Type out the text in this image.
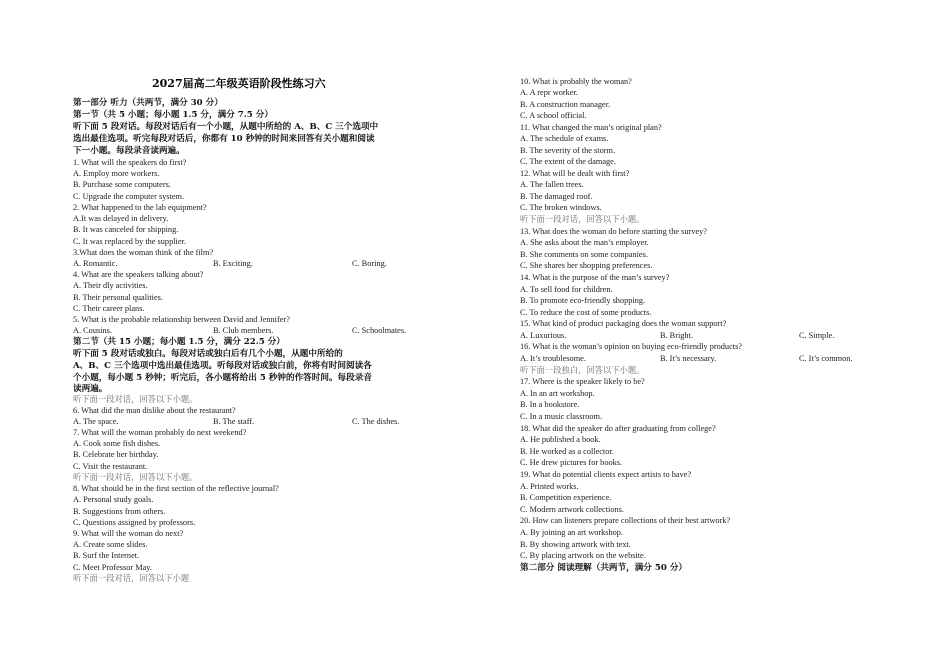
2027届高二年级英语阶段性练习六
第一部分 听力（共两节，满分 30 分）
第一节（共 5 小题；每小题 1.5 分，满分 7.5 分）
听下面 5 段对话。每段对话后有一个小题，从题中所给的 A、B、C 三个选项中
选出最佳选项。听完每段对话后，你都有 10 秒钟的时间来回答有关小题和阅读
下一小题。每段录音读两遍。
1. What will the speakers do first?
A. Employ more workers.
B. Purchase some computers.
C. Upgrade the computer system.
2. What happened to the lab equipment?
A.It was delayed in delivery.
B. It was canceled for shipping.
C. It was replaced by the supplier.
3.What does the woman think of the film?
A. Romantic.	B. Exciting.	C. Boring.
4. What are the speakers talking about?
A. Their dly activities.
B. Their personal qualities.
C. Their career plans.
5. What is the probable relationship between David and Jennifer?
A. Cousins.	B. Club members.	C. Schoolmates.
第二节（共 15 小题；每小题 1.5 分，满分 22.5 分）
听下面 5 段对话或独白。每段对话或独白后有几个小题，从题中所给的
A、B、C 三个选项中选出最佳选项。听每段对话或独白前，你将有时间阅读各
个小题，每小题 5 秒钟；听完后，各小题将给出 5 秒钟的作答时间。每段录音
读两遍。
听下面一段对话，回答以下小题。
6. What did the man dislike about the restaurant?
A. The space.	B. The staff.	C. The dishes.
7. What will the woman probably do next weekend?
A. Cook some fish dishes.
B. Celebrate her birthday.
C. Visit the restaurant.
听下面一段对话，回答以下小题。
8. What should be in the first section of the reflective journal?
A. Personal study goals.
B. Suggestions from others.
C. Questions assigned by professors.
9. What will the woman do next?
A. Create some slides.
B. Surf the Internet.
C. Meet Professor May.
听下面一段对话，回答以下小题
10. What is probably the woman?
A. A repr worker.
B. A construction manager.
C. A school official.
11. What changed the man’s original plan?
A. The schedule of exams.
B. The severity of the storm.
C. The extent of the damage.
12. What will be dealt with first?
A. The fallen trees.
B. The damaged roof.
C. The broken windows.
听下面一段对话，回答以下小题。
13. What does the woman do before starting the survey?
A. She asks about the man’s employer.
B. She comments on some companies.
C. She shares her shopping preferences.
14. What is the purpose of the man’s survey?
A. To sell food for children.
B. To promote eco-friendly shopping.
C. To reduce the cost of some products.
15. What kind of product packaging does the woman support?
A. Luxurious.	B. Bright.	C. Simple.
16. What is the woman’s opinion on buying eco-friendly products?
A. It’s troublesome.	B. It’s necessary.	C. It’s common.
听下面一段独白，回答以下小题。
17. Where is the speaker likely to be?
A. In an art workshop.
B. In a bookstore.
C. In a music classroom.
18. What did the speaker do after graduating from college?
A. He published a book.
B. He worked as a collector.
C. He drew pictures for books.
19. What do potential clients expect artists to have?
A. Printed works.
B. Competition experience.
C. Modern artwork collections.
20. How can listeners prepare collections of their best artwork?
A. By joining an art workshop.
B. By showing artwork with text.
C. By placing artwork on the website.
第二部分 阅读理解（共两节，满分 50 分）
